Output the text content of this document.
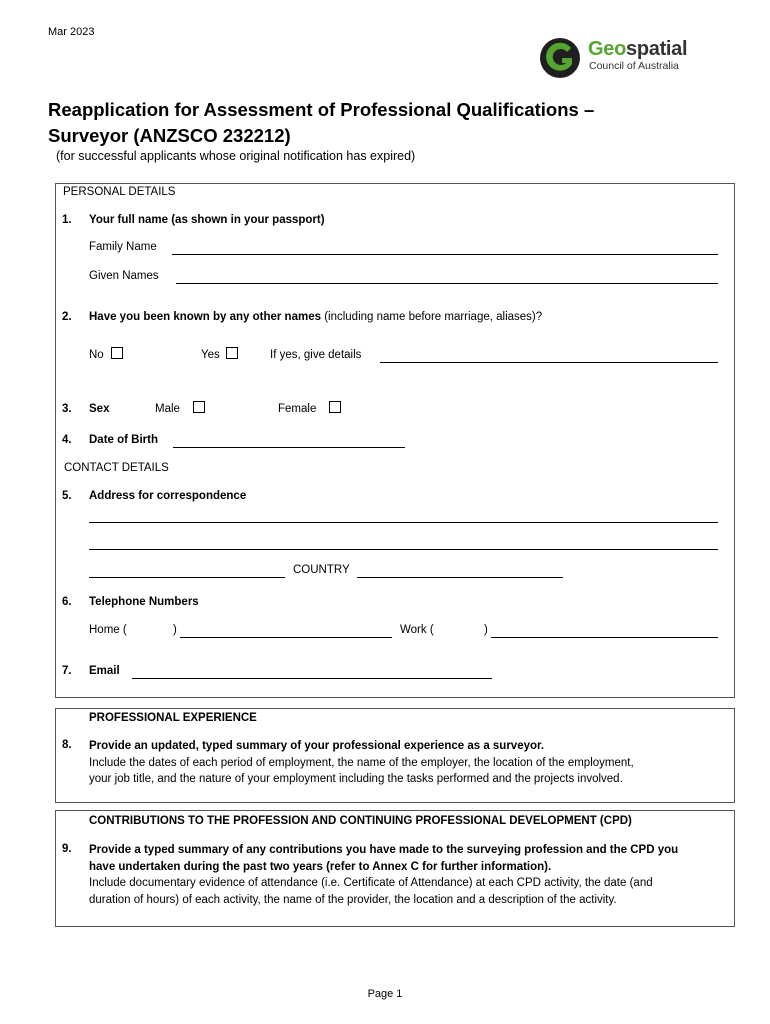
Mar 2023
Geospatial
Council of Australia
Reapplication for Assessment of Professional Qualifications –
Surveyor (ANZSCO 232212)
(for successful applicants whose original notification has expired)
PERSONAL DETAILS
1. Your full name (as shown in your passport)
Family Name
Given Names
2. Have you been known by any other names (including name before marriage, aliases)?
No	Yes	If yes, give details
3. Sex	Male	Female
4. Date of Birth
CONTACT DETAILS
5. Address for correspondence
COUNTRY
6. Telephone Numbers
Home (	)	Work (	)
7. Email
PROFESSIONAL EXPERIENCE
8. Provide an updated, typed summary of your professional experience as a surveyor.
Include the dates of each period of employment, the name of the employer, the location of the employment,
your job title, and the nature of your employment including the tasks performed and the projects involved.
CONTRIBUTIONS TO THE PROFESSION AND CONTINUING PROFESSIONAL DEVELOPMENT (CPD)
9. Provide a typed summary of any contributions you have made to the surveying profession and the CPD you
have undertaken during the past two years (refer to Annex C for further information).
Include documentary evidence of attendance (i.e. Certificate of Attendance) at each CPD activity, the date (and
duration of hours) of each activity, the name of the provider, the location and a description of the activity.
Page 1
